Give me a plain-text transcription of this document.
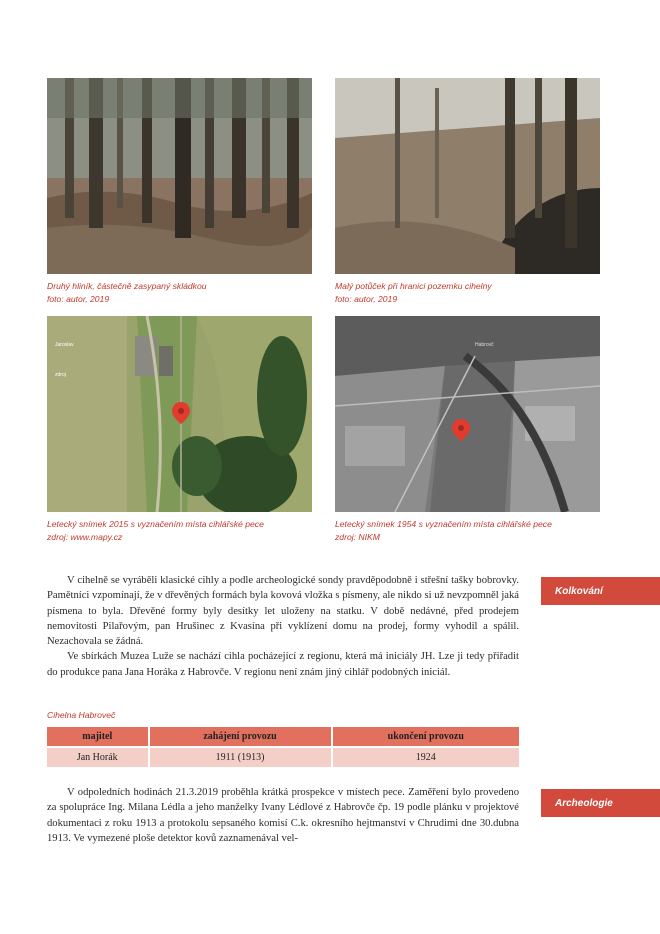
Druhý hliník, částečně zasypaný skládkou
foto: autor, 2019
Malý potůček při hranici pozemku cihelny
foto: autor, 2019
Jaroslav
zdroj
Letecký snímek 2015 s vyznačením místa cihlářské pece
zdroj: www.mapy.cz
Habrovč
Letecký snímek 1954 s vyznačením místa cihlářské pece
zdroj: NIKM
Kolkování
Archeologie

V cihelně se vyráběli klasické cihly a podle archeologické sondy pravděpodobně i střešní tašky bobrovky. Pamětníci vzpomínají, že v dřevěných formách byla kovová vložka s písmeny, ale nikdo si už nevzpomněl jaká písmena to byla. Dřevěné formy byly desítky let uloženy na statku. V době nedávné, před prodejem nemovitosti Pilařovým, pan Hrušinec z Kvasína při vyklízení domu na prodej, formy vyhodil a spálil. Nezachovala se žádná.

Ve sbírkách Muzea Luže se nachází cihla pocházející z regionu, která má iniciály JH. Lze ji tedy přiřadit do produkce pana Jana Horáka z Habrovče. V regionu není znám jiný cihlář podobných iniciál.

Cihelna Habroveč
majitel	zahájení provozu	ukončení provozu
Jan Horák	1911 (1913)	1924

V odpoledních hodinách 21.3.2019 proběhla krátká prospekce v místech pece. Zaměření bylo provedeno za spolupráce Ing. Milana Lédla a jeho manželky Ivany Lédlové z Habrovče čp. 19 podle plánku v projektové dokumentaci z roku 1913 a protokolu sepsaného komisí C.k. okresního hejtmanství v Chrudimi dne 30.dubna 1913. Ve vymezené ploše detektor kovů zaznamenával vel-
